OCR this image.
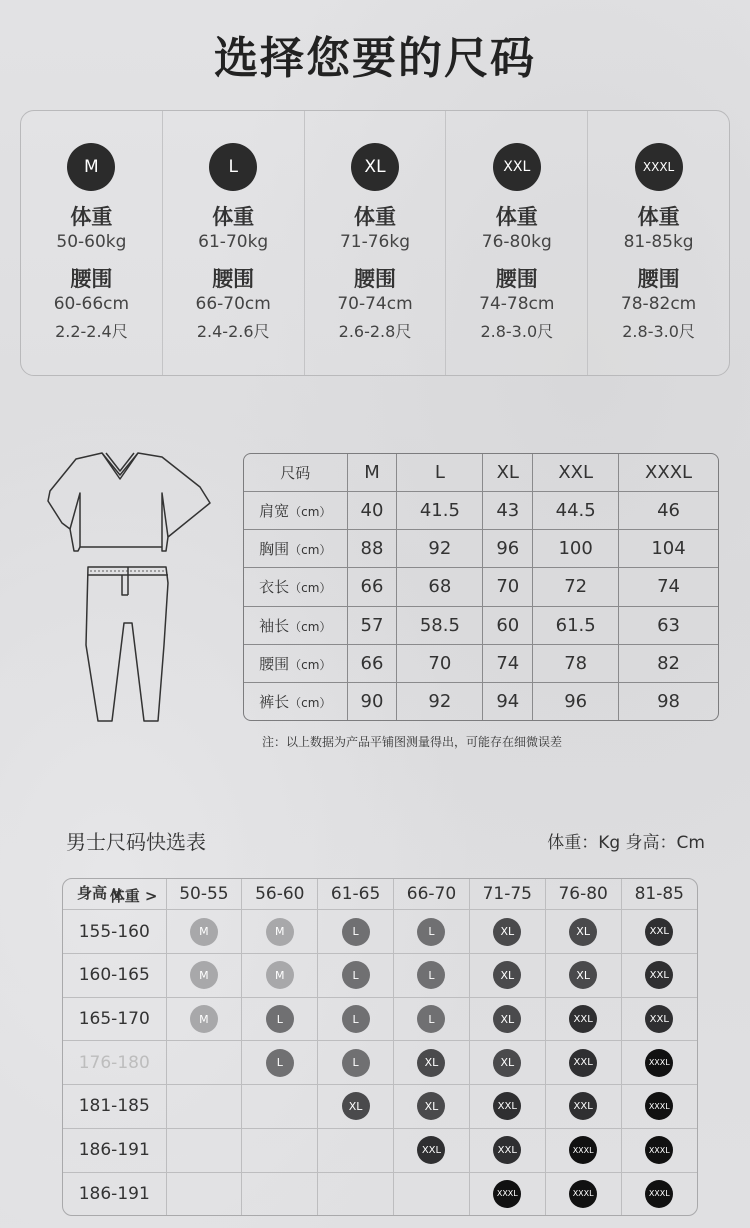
选择您要的尺码
M
体重
50-60kg
腰围
60-66cm
2.2-2.4尺
L
体重
61-70kg
腰围
66-70cm
2.4-2.6尺
XL
体重
71-76kg
腰围
70-74cm
2.6-2.8尺
XXL
体重
76-80kg
腰围
74-78cm
2.8-3.0尺
XXXL
体重
81-85kg
腰围
78-82cm
2.8-3.0尺
尺码	M	L	XL	XXL	XXXL
肩宽（cm）	40	41.5	43	44.5	46
胸围（cm）	88	92	96	100	104
衣长（cm）	66	68	70	72	74
袖长（cm）	57	58.5	60	61.5	63
腰围（cm）	66	70	74	78	82
裤长（cm）	90	92	94	96	98
注：以上数据为产品平铺图测量得出，可能存在细微误差
男士尺码快选表	体重：Kg 身高：Cm
体重 >
身高 v	50-55	56-60	61-65	66-70	71-75	76-80	81-85
155-160	M	M	L	L	XL	XL	XXL
160-165	M	M	L	L	XL	XL	XXL
165-170	M	L	L	L	XL	XXL	XXL
176-180		L	L	XL	XL	XXL	XXXL
181-185			XL	XL	XXL	XXL	XXXL
186-191				XXL	XXL	XXXL	XXXL
186-191					XXXL	XXXL	XXXL
